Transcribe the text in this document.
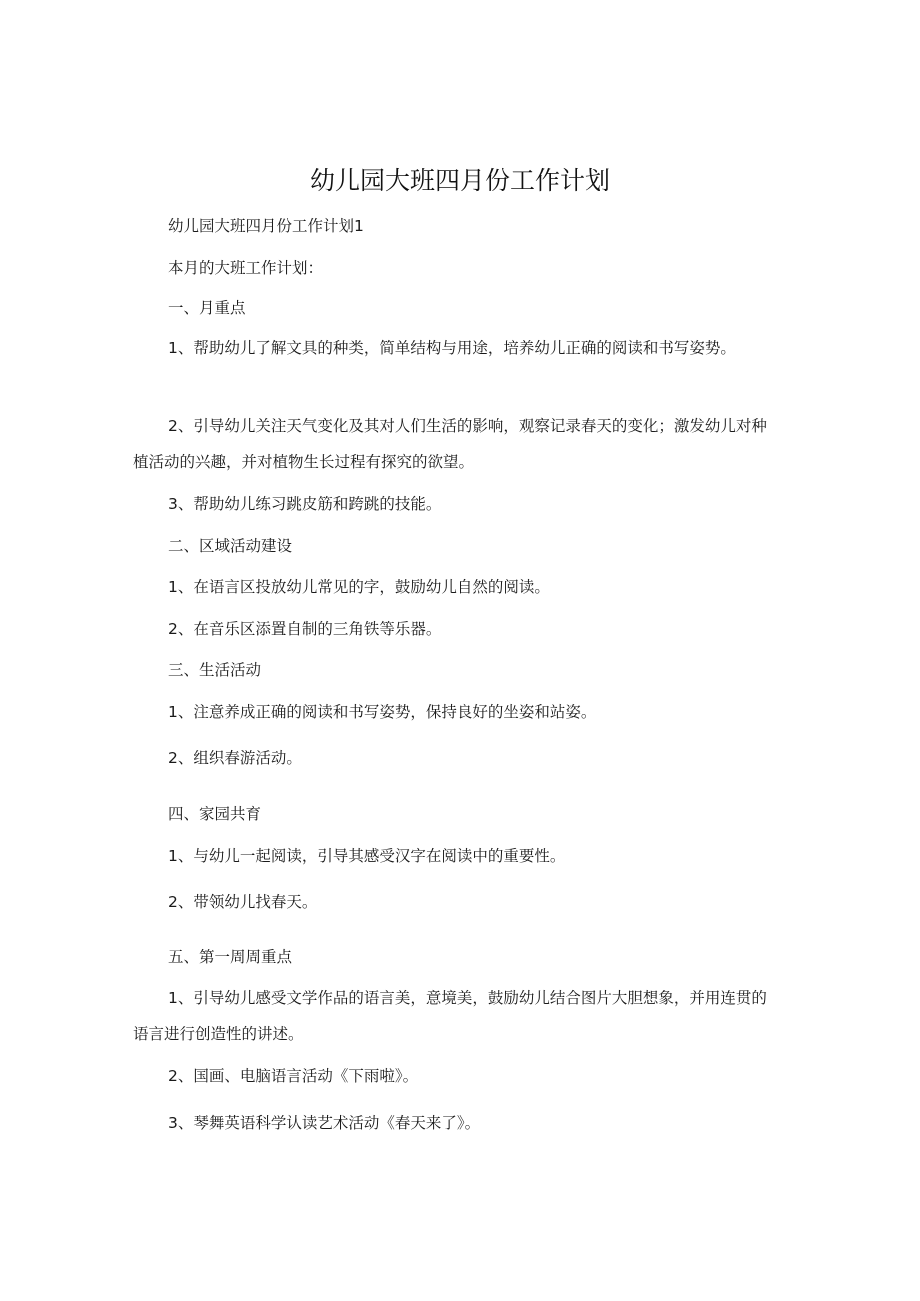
幼儿园大班四月份工作计划

幼儿园大班四月份工作计划1

本月的大班工作计划：

一、月重点

1、帮助幼儿了解文具的种类，简单结构与用途，培养幼儿正确的阅读和书写姿势。

2、引导幼儿关注天气变化及其对人们生活的影响，观察记录春天的变化；激发幼儿对种植活动的兴趣，并对植物生长过程有探究的欲望。

3、帮助幼儿练习跳皮筋和跨跳的技能。

二、区域活动建设

1、在语言区投放幼儿常见的字，鼓励幼儿自然的阅读。

2、在音乐区添置自制的三角铁等乐器。

三、生活活动

1、注意养成正确的阅读和书写姿势，保持良好的坐姿和站姿。

2、组织春游活动。

四、家园共育

1、与幼儿一起阅读，引导其感受汉字在阅读中的重要性。

2、带领幼儿找春天。

五、第一周周重点

1、引导幼儿感受文学作品的语言美，意境美，鼓励幼儿结合图片大胆想象，并用连贯的语言进行创造性的讲述。

2、国画、电脑语言活动《下雨啦》。

3、琴舞英语科学认读艺术活动《春天来了》。
